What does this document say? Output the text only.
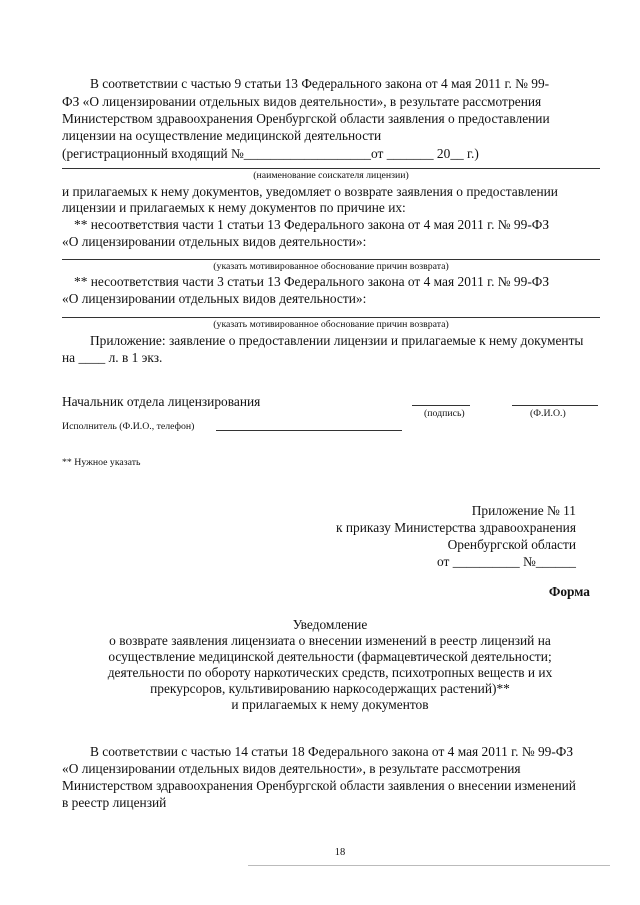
В соответствии с частью 9 статьи 13 Федерального закона от 4 мая 2011 г. № 99-
ФЗ «О лицензировании отдельных видов деятельности», в результате рассмотрения
Министерством здравоохранения Оренбургской области заявления о предоставлении
лицензии на осуществление медицинской деятельности
(регистрационный входящий №___________________от _______ 20__ г.)
(наименование соискателя лицензии)
и прилагаемых к нему документов, уведомляет о возврате заявления о предоставлении
лицензии и прилагаемых к нему документов по причине их:
** несоответствия части 1 статьи 13 Федерального закона от 4 мая 2011 г. № 99-ФЗ
«О лицензировании отдельных видов деятельности»:
(указать мотивированное обоснование причин возврата)
** несоответствия части 3 статьи 13 Федерального закона от 4 мая 2011 г. № 99-ФЗ
«О лицензировании отдельных видов деятельности»:
(указать мотивированное обоснование причин возврата)
Приложение: заявление о предоставлении лицензии и прилагаемые к нему документы
на ____ л. в 1 экз.
Начальник отдела лицензирования
(подпись)	(Ф.И.О.)
Исполнитель (Ф.И.О., телефон)
** Нужное указать
Приложение № 11
к приказу Министерства здравоохранения
Оренбургской области
от __________ №______
Форма
Уведомление
о возврате заявления лицензиата о внесении изменений в реестр лицензий на
осуществление медицинской деятельности (фармацевтической деятельности;
деятельности по обороту наркотических средств, психотропных веществ и их
прекурсоров, культивированию наркосодержащих растений)**
и прилагаемых к нему документов
В соответствии с частью 14 статьи 18 Федерального закона от 4 мая 2011 г. № 99-ФЗ
«О лицензировании отдельных видов деятельности», в результате рассмотрения
Министерством здравоохранения Оренбургской области заявления о внесении изменений
в реестр лицензий
18
